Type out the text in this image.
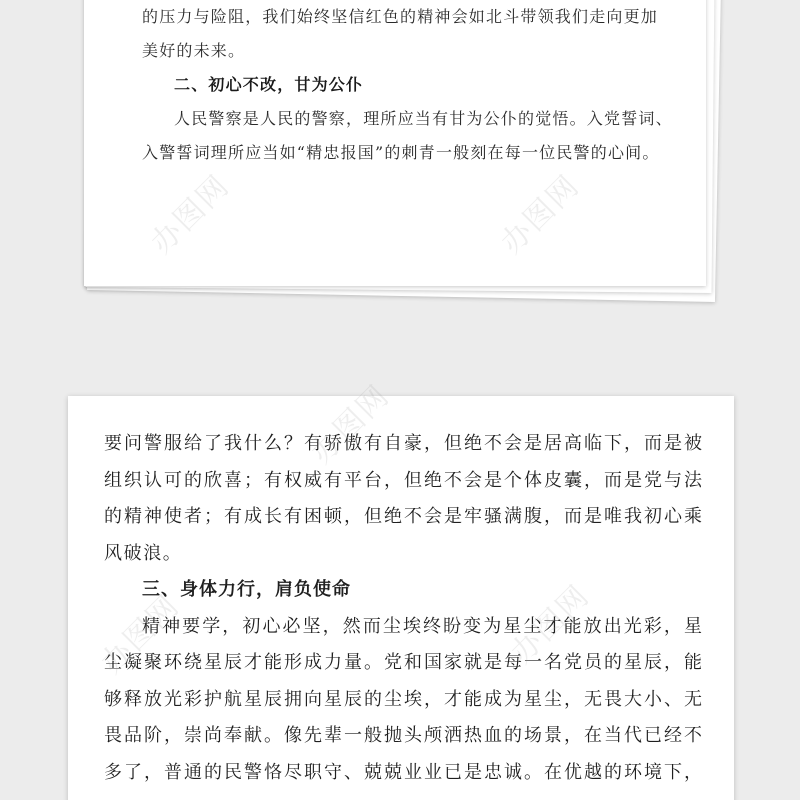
的压力与险阻，我们始终坚信红色的精神会如北斗带领我们走向更加
美好的未来。
二、初心不改，甘为公仆
人民警察是人民的警察，理所应当有甘为公仆的觉悟。入党誓词、
入警誓词理所应当如“精忠报国”的刺青一般刻在每一位民警的心间。
要问警服给了我什么？有骄傲有自豪，但绝不会是居高临下，而是被
组织认可的欣喜；有权威有平台，但绝不会是个体皮囊，而是党与法
的精神使者；有成长有困顿，但绝不会是牢骚满腹，而是唯我初心乘
风破浪。
三、身体力行，肩负使命
精神要学，初心必坚，然而尘埃终盼变为星尘才能放出光彩，星
尘凝聚环绕星辰才能形成力量。党和国家就是每一名党员的星辰，能
够释放光彩护航星辰拥向星辰的尘埃，才能成为星尘，无畏大小、无
畏品阶，崇尚奉献。像先辈一般抛头颅洒热血的场景，在当代已经不
多了，普通的民警恪尽职守、兢兢业业已是忠诚。在优越的环境下，
